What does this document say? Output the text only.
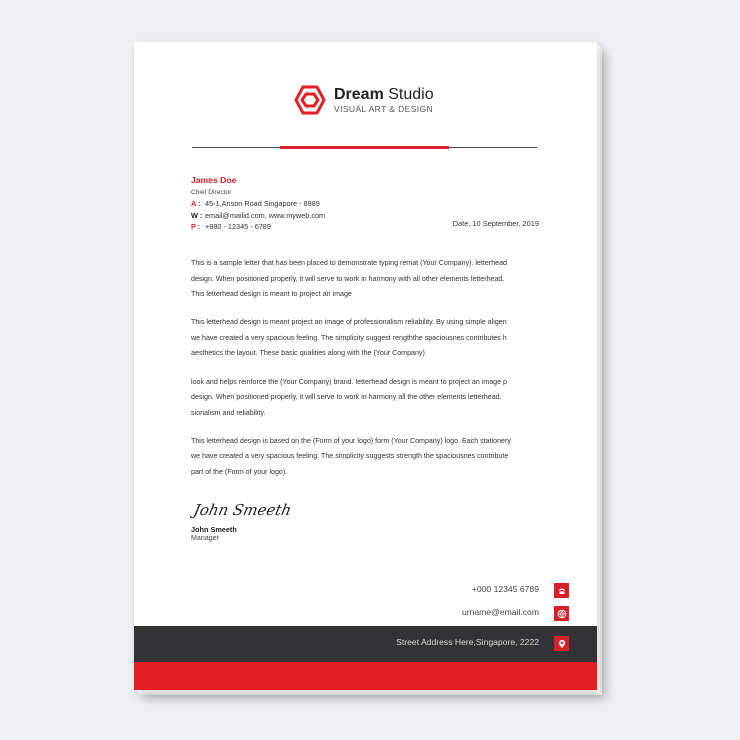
Dream Studio
VISUAL ART & DESIGN
James Doe
Chief Director
A : 45-1,Anson Road Singapore - 8989
W : email@mailid.com, www.myweb.com
P : +880 - 12345 - 6789	Date, 10 September, 2019

This is a sample letter that has been placed to demonstrate typing remat (Your Company). letterhead
design. When positioned properly, it will serve to work in harmony with all other elements letterhead.
This letterhead design is meant to project an image

This letterhead design is meant project an image of professionalism reliability. By using simple aligen
we have created a very spacious feeling. The simplicity suggest rengththe spaciousnes contributes h
aesthetics the layout. These basic qualities along with the (Your Company)

look and helps reinforce the (Your Company) brand. letterhead design is meant to project an image p
design. When positioned properly, it will serve to work in harmony all the other elements letterhead.
sionalism and reliability.

This letterhead design is based on the (Form of your logo) form (Your Company) logo. Each stationery
we have created a very spacious feeling. The simplicity suggests strength the spaciousnes contribute
part of the (Form of your logo).

John Smeeth
John Smeeth
Manager
+000 12345 6789
urname@email.com
Street Address Here,Singapore, 2222
